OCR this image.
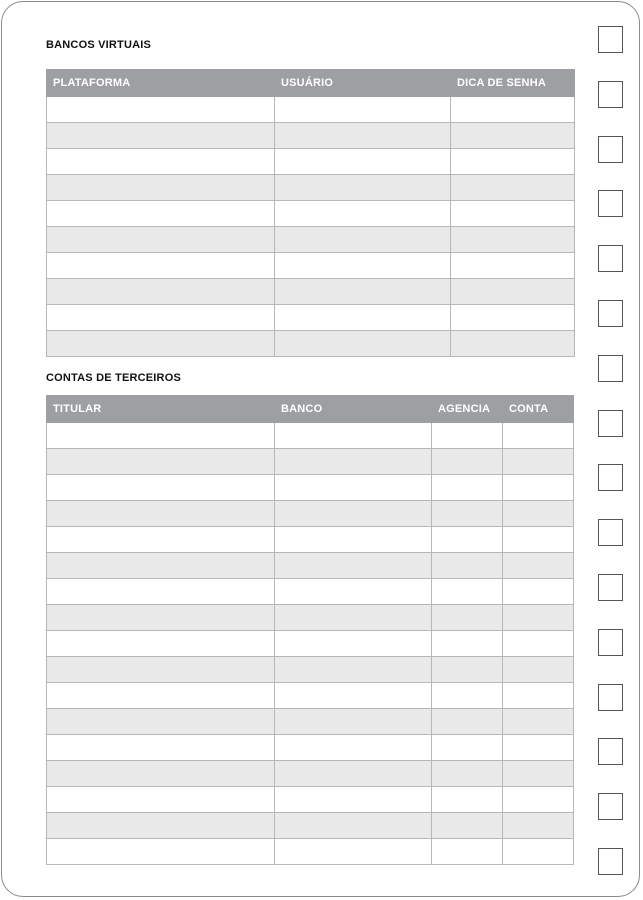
BANCOS VIRTUAIS
PLATAFORMA	USUÁRIO	DICA DE SENHA

CONTAS DE TERCEIROS
TITULAR	BANCO	AGENCIA	CONTA
